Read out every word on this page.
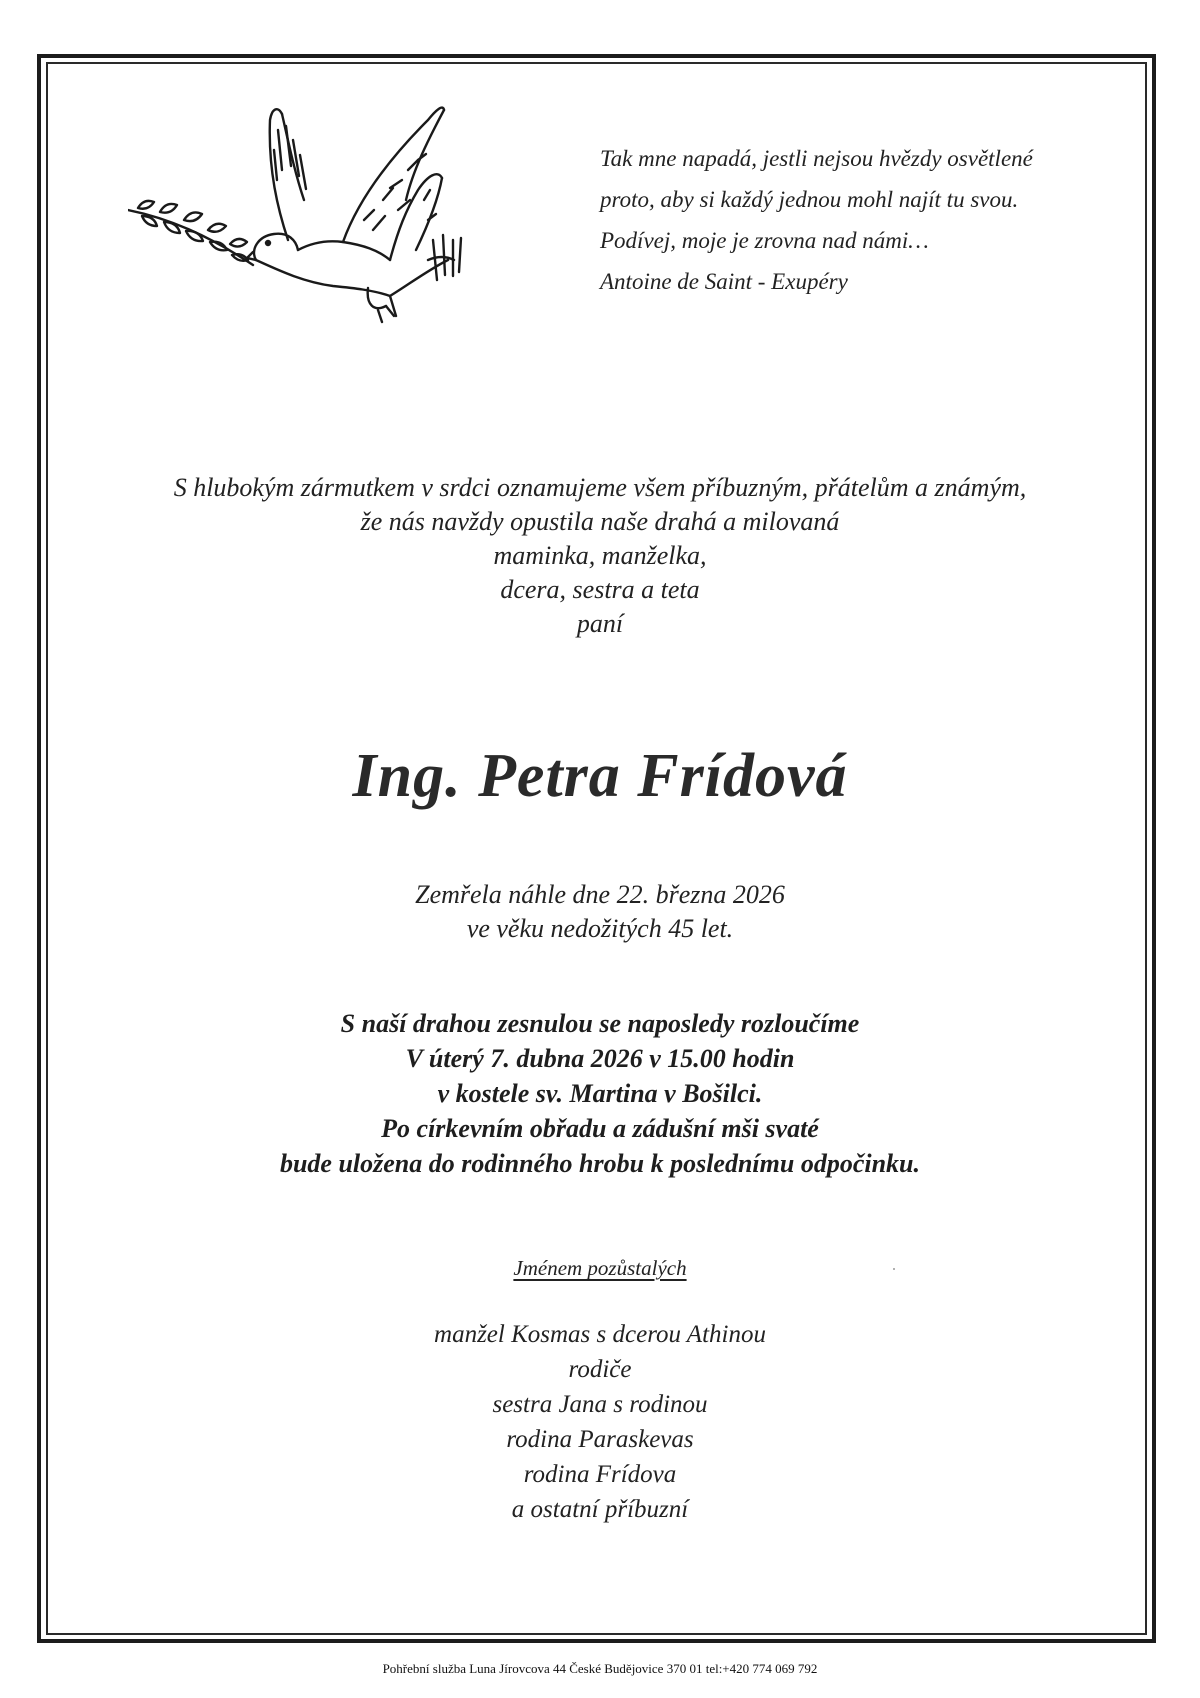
Tak mne napadá, jestli nejsou hvězdy osvětlené
proto, aby si každý jednou mohl najít tu svou.
Podívej, moje je zrovna nad námi…
Antoine de Saint - Exupéry
S hlubokým zármutkem v srdci oznamujeme všem příbuzným, přátelům a známým,
že nás navždy opustila naše drahá a milovaná
maminka, manželka,
dcera, sestra a teta
paní
Ing. Petra Frídová
Zemřela náhle dne 22. března 2026
ve věku nedožitých 45 let.
S naší drahou zesnulou se naposledy rozloučíme
V úterý 7. dubna 2026 v 15.00 hodin
v kostele sv. Martina v Bošilci.
Po církevním obřadu a zádušní mši svaté
bude uložena do rodinného hrobu k poslednímu odpočinku.
Jménem pozůstalých
manžel Kosmas s dcerou Athinou
rodiče
sestra Jana s rodinou
rodina Paraskevas
rodina Frídova
a ostatní příbuzní
Pohřební služba Luna Jírovcova 44 České Budějovice 370 01 tel:+420 774 069 792
